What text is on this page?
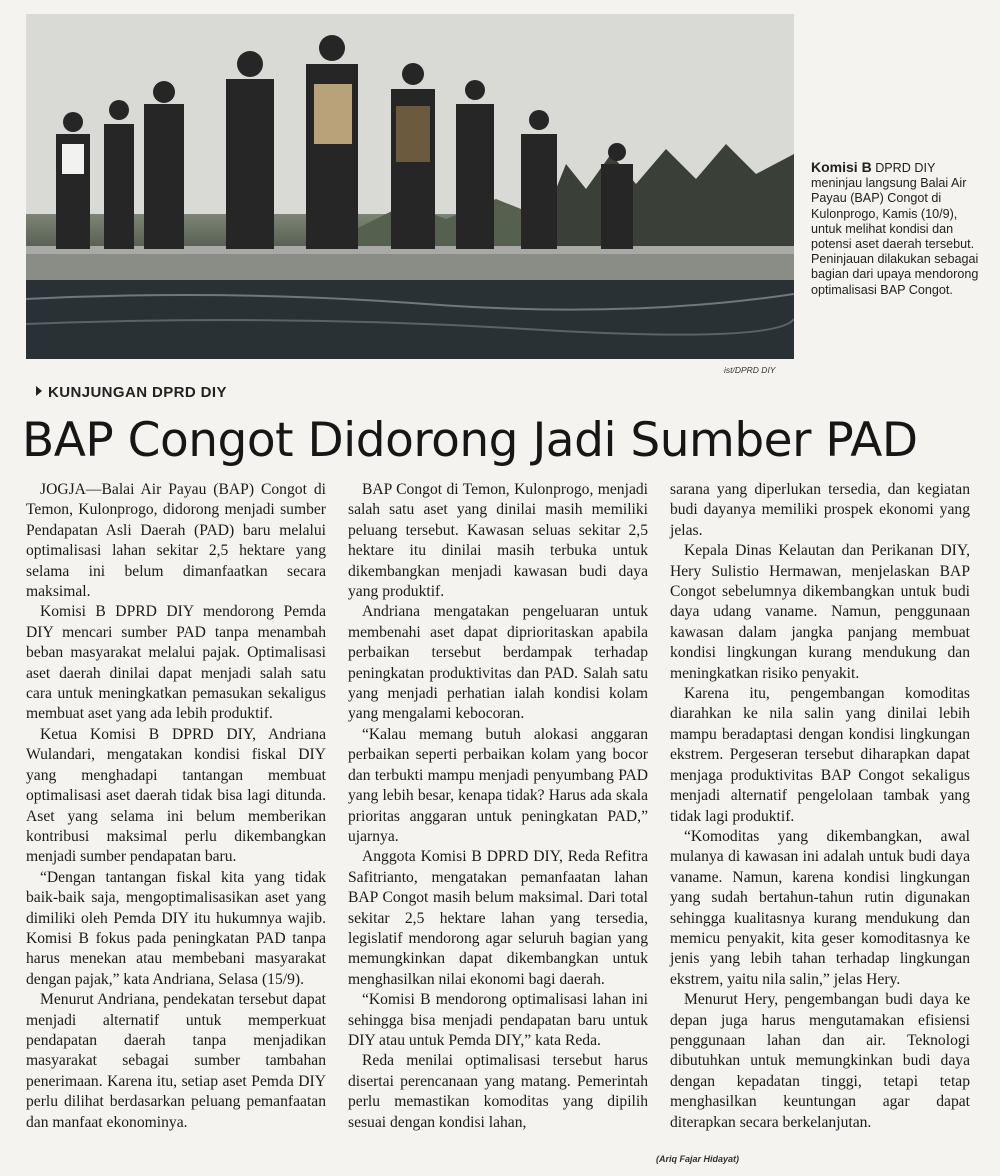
Komisi B DPRD DIY meninjau langsung Balai Air Payau (BAP) Congot di Kulonprogo, Kamis (10/9), untuk melihat kondisi dan potensi aset daerah tersebut. Peninjauan dilakukan sebagai bagian dari upaya mendorong optimalisasi BAP Congot.
ist/DPRD DIY
KUNJUNGAN DPRD DIY
BAP Congot Didorong Jadi Sumber PAD

JOGJA—Balai Air Payau (BAP) Congot di Temon, Kulonprogo, didorong menjadi sumber Pendapatan Asli Daerah (PAD) baru melalui optimalisasi lahan sekitar 2,5 hektare yang selama ini belum dimanfaatkan secara maksimal.

Komisi B DPRD DIY mendorong Pemda DIY mencari sumber PAD tanpa menambah beban masyarakat melalui pajak. Optimalisasi aset daerah dinilai dapat menjadi salah satu cara untuk meningkatkan pemasukan sekaligus membuat aset yang ada lebih produktif.

Ketua Komisi B DPRD DIY, Andriana Wulandari, mengatakan kondisi fiskal DIY yang menghadapi tantangan membuat optimalisasi aset daerah tidak bisa lagi ditunda. Aset yang selama ini belum memberikan kontribusi maksimal perlu dikembangkan menjadi sumber pendapatan baru.

“Dengan tantangan fiskal kita yang tidak baik-baik saja, mengoptimalisasikan aset yang dimiliki oleh Pemda DIY itu hukumnya wajib. Komisi B fokus pada peningkatan PAD tanpa harus menekan atau membebani masyarakat dengan pajak,” kata Andriana, Selasa (15/9).

Menurut Andriana, pendekatan tersebut dapat menjadi alternatif untuk memperkuat pendapatan daerah tanpa menjadikan masyarakat sebagai sumber tambahan penerimaan. Karena itu, setiap aset Pemda DIY perlu dilihat berdasarkan peluang pemanfaatan dan manfaat ekonominya.

BAP Congot di Temon, Kulonprogo, menjadi salah satu aset yang dinilai masih memiliki peluang tersebut. Kawasan seluas sekitar 2,5 hektare itu dinilai masih terbuka untuk dikembangkan menjadi kawasan budi daya yang produktif.

Andriana mengatakan pengeluaran untuk membenahi aset dapat diprioritaskan apabila perbaikan tersebut berdampak terhadap peningkatan produktivitas dan PAD. Salah satu yang menjadi perhatian ialah kondisi kolam yang mengalami kebocoran.

“Kalau memang butuh alokasi anggaran perbaikan seperti perbaikan kolam yang bocor dan terbukti mampu menjadi penyumbang PAD yang lebih besar, kenapa tidak? Harus ada skala prioritas anggaran untuk peningkatan PAD,” ujarnya.

Anggota Komisi B DPRD DIY, Reda Refitra Safitrianto, mengatakan pemanfaatan lahan BAP Congot masih belum maksimal. Dari total sekitar 2,5 hektare lahan yang tersedia, legislatif mendorong agar seluruh bagian yang memungkinkan dapat dikembangkan untuk menghasilkan nilai ekonomi bagi daerah.

“Komisi B mendorong optimalisasi lahan ini sehingga bisa menjadi pendapatan baru untuk DIY atau untuk Pemda DIY,” kata Reda.

Reda menilai optimalisasi tersebut harus disertai perencanaan yang matang. Pemerintah perlu memastikan komoditas yang dipilih sesuai dengan kondisi lahan,

sarana yang diperlukan tersedia, dan kegiatan budi dayanya memiliki prospek ekonomi yang jelas.

Kepala Dinas Kelautan dan Perikanan DIY, Hery Sulistio Hermawan, menjelaskan BAP Congot sebelumnya dikembangkan untuk budi daya udang vaname. Namun, penggunaan kawasan dalam jangka panjang membuat kondisi lingkungan kurang mendukung dan meningkatkan risiko penyakit.

Karena itu, pengembangan komoditas diarahkan ke nila salin yang dinilai lebih mampu beradaptasi dengan kondisi lingkungan ekstrem. Pergeseran tersebut diharapkan dapat menjaga produktivitas BAP Congot sekaligus menjadi alternatif pengelolaan tambak yang tidak lagi produktif.

“Komoditas yang dikembangkan, awal mulanya di kawasan ini adalah untuk budi daya vaname. Namun, karena kondisi lingkungan yang sudah bertahun-tahun rutin digunakan sehingga kualitasnya kurang mendukung dan memicu penyakit, kita geser komoditasnya ke jenis yang lebih tahan terhadap lingkungan ekstrem, yaitu nila salin,” jelas Hery.

Menurut Hery, pengembangan budi daya ke depan juga harus mengutamakan efisiensi penggunaan lahan dan air. Teknologi dibutuhkan untuk memungkinkan budi daya dengan kepadatan tinggi, tetapi tetap menghasilkan keuntungan agar dapat diterapkan secara berkelanjutan.

(Ariq Fajar Hidayat)
